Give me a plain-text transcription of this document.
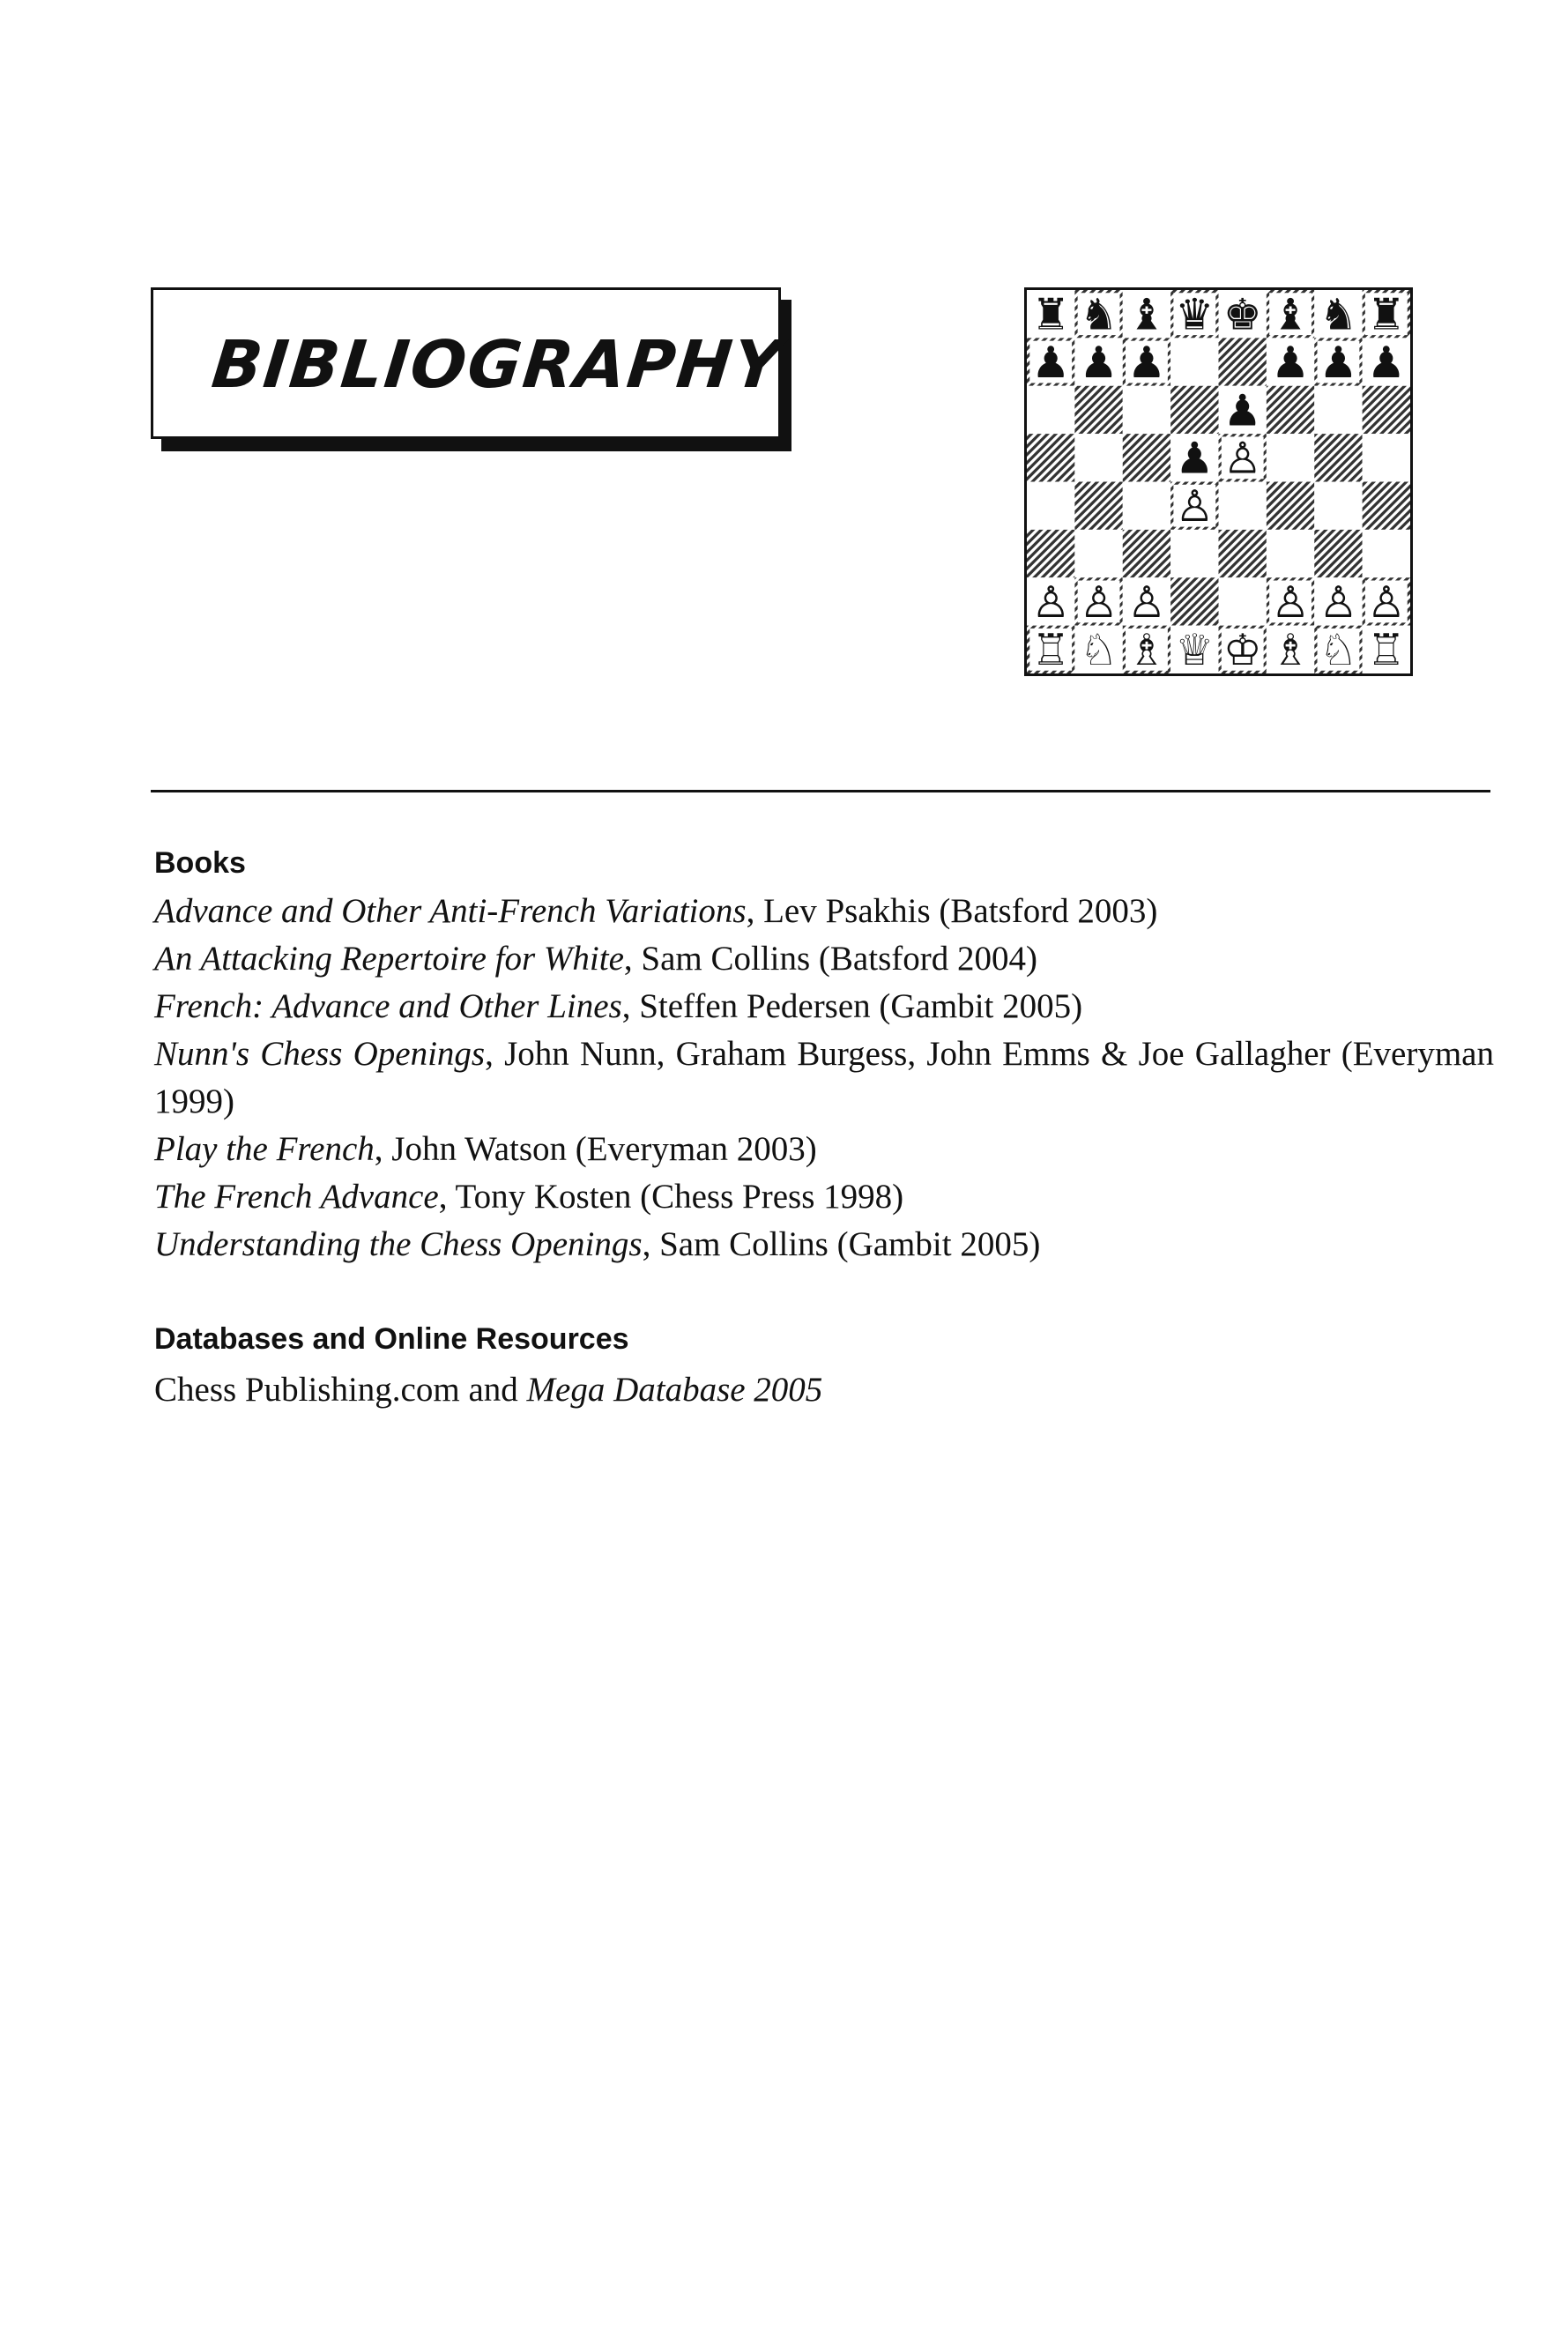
BIBLIOGRAPHY
Books
Advance and Other Anti-French Variations, Lev Psakhis (Batsford 2003)
An Attacking Repertoire for White, Sam Collins (Batsford 2004)
French: Advance and Other Lines, Steffen Pedersen (Gambit 2005)
Nunn's Chess Openings, John Nunn, Graham Burgess, John Emms & Joe Gallagher (Everyman 1999)
Play the French, John Watson (Everyman 2003)
The French Advance, Tony Kosten (Chess Press 1998)
Understanding the Chess Openings, Sam Collins (Gambit 2005)
Databases and Online Resources
Chess Publishing.com and Mega Database 2005
